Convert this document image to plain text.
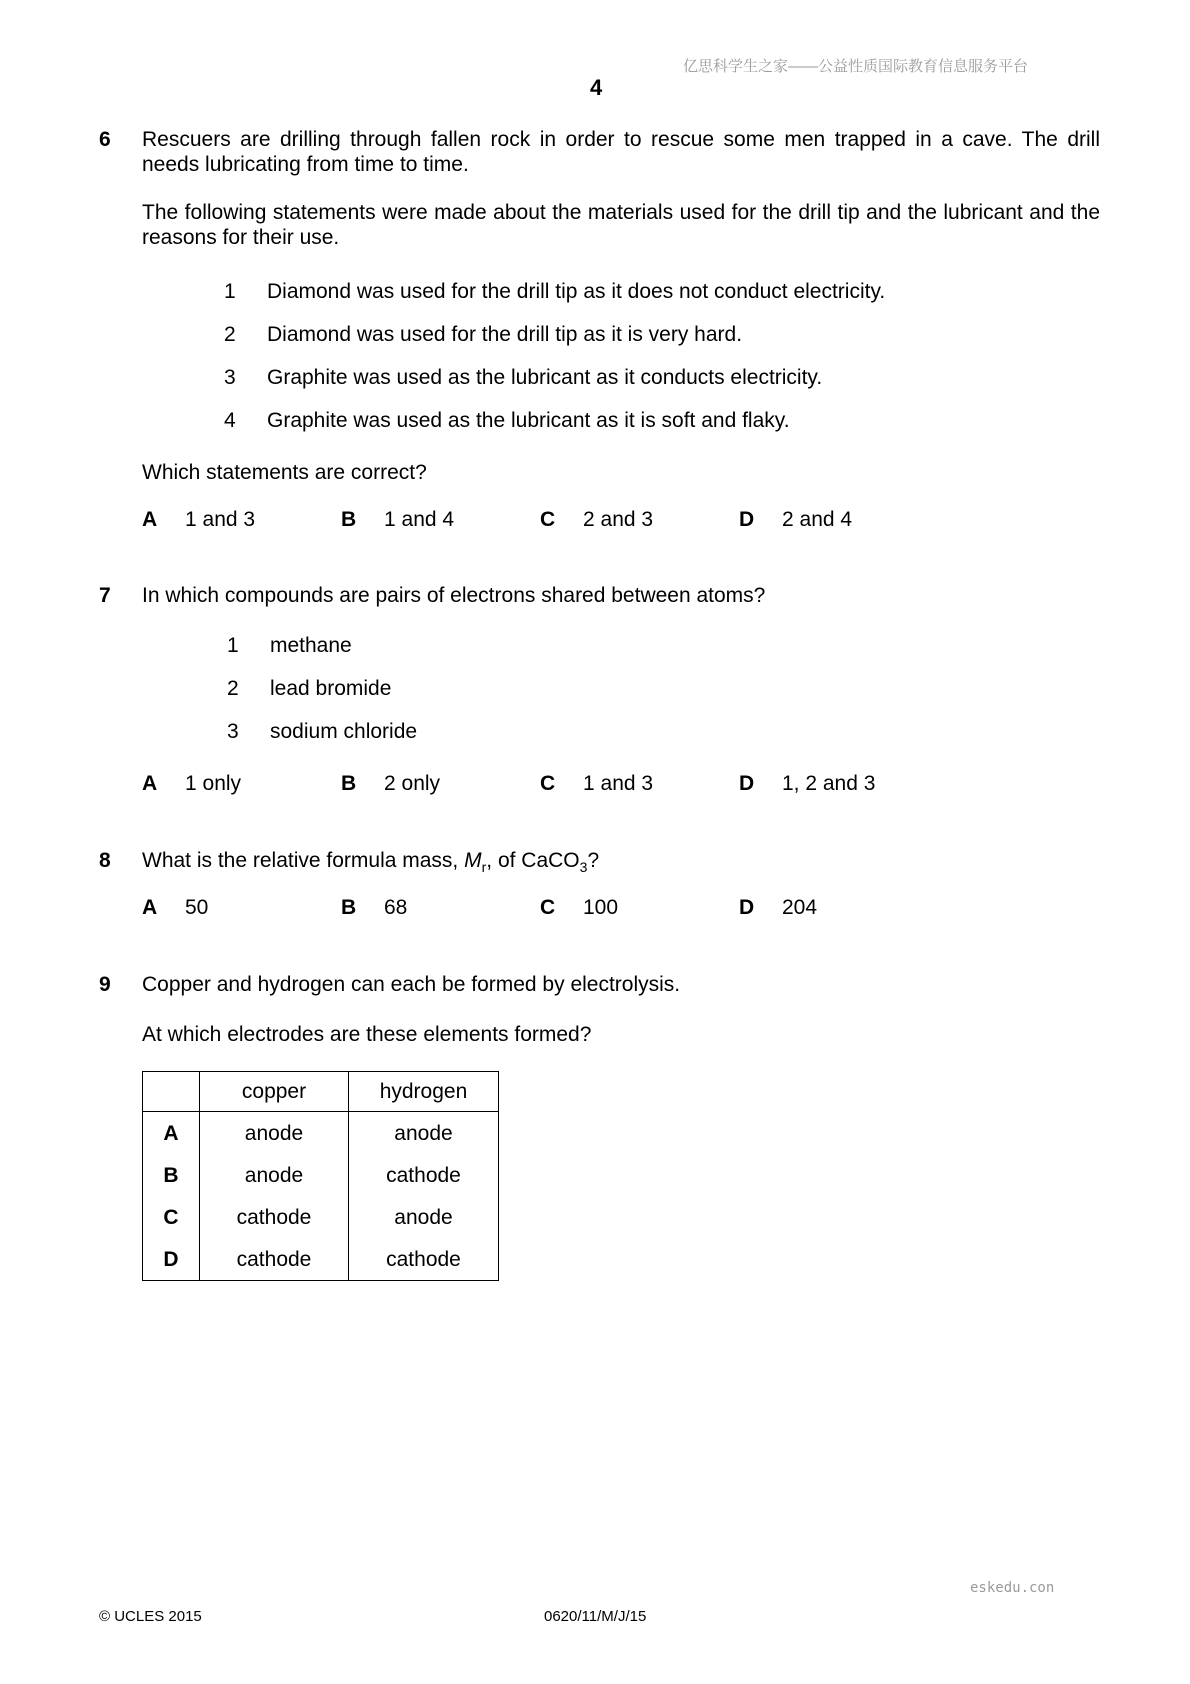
亿思科学生之家——公益性质国际教育信息服务平台
4
6 Rescuers are drilling through fallen rock in order to rescue some men trapped in a cave. The drill needs lubricating from time to time.
The following statements were made about the materials used for the drill tip and the lubricant and the reasons for their use.
1 Diamond was used for the drill tip as it does not conduct electricity.
2 Diamond was used for the drill tip as it is very hard.
3 Graphite was used as the lubricant as it conducts electricity.
4 Graphite was used as the lubricant as it is soft and flaky.
Which statements are correct?
A 1 and 3	B 1 and 4	C 2 and 3	D 2 and 4
7 In which compounds are pairs of electrons shared between atoms?
1 methane
2 lead bromide
3 sodium chloride
A 1 only	B 2 only	C 1 and 3	D 1, 2 and 3
8 What is the relative formula mass, $M_r$, of CaCO$_3$?
A 50	B 68	C 100	D 204
9 Copper and hydrogen can each be formed by electrolysis.
At which electrodes are these elements formed?
	copper	hydrogen
A	anode	anode
B	anode	cathode
C	cathode	anode
D	cathode	cathode
eskedu.con
© UCLES 2015	0620/11/M/J/15
